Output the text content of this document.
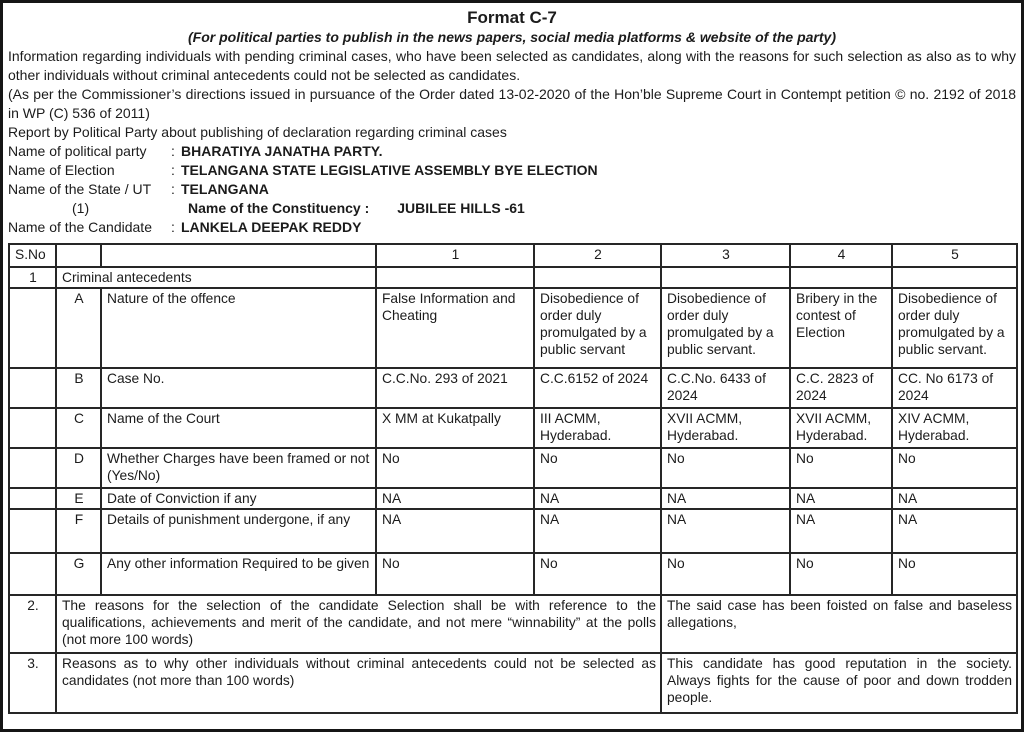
Format C-7
(For political parties to publish in the news papers, social media platforms & website of the party)

Information regarding individuals with pending criminal cases, who have been selected as candidates, along with the reasons for such selection as also as to why other individuals without criminal antecedents could not be selected as candidates.

(As per the Commissioner’s directions issued in pursuance of the Order dated 13-02-2020 of the Hon’ble Supreme Court in Contempt petition © no. 2192 of 2018 in WP (C) 536 of 2011)

Report by Political Party about publishing of declaration regarding criminal cases

Name of political party : BHARATIYA JANATHA PARTY.
Name of Election	: TELANGANA STATE LEGISLATIVE ASSEMBLY BYE ELECTION
Name of the State / UT : TELANGANA
(1)	Name of the Constituency : JUBILEE HILLS -61
Name of the Candidate : LANKELA DEEPAK REDDY
S.No			1	2	3	4	5
1	Criminal antecedents						
	A	Nature of the offence	False Information and Cheating	Disobedience of order duly promulgated by a public servant	Disobedience of order duly promulgated by a public servant.	Bribery in the contest of Election	Disobedience of order duly promulgated by a public servant.
	B	Case No.	C.C.No. 293 of 2021	C.C.6152 of 2024	C.C.No. 6433 of 2024	C.C. 2823 of 2024	CC. No 6173 of 2024
	C	Name of the Court	X MM at Kukatpally	III ACMM, Hyderabad.	XVII ACMM, Hyderabad.	XVII ACMM, Hyderabad.	XIV ACMM, Hyderabad.
	D	Whether Charges have been framed or not (Yes/No)	No	No	No	No	No
	E	Date of Conviction if any	NA	NA	NA	NA	NA
	F	Details of punishment undergone, if any	NA	NA	NA	NA	NA
	G	Any other information Required to be given	No	No	No	No	No
2.	The reasons for the selection of the candidate Selection shall be with reference to the qualifications, achievements and merit of the candidate, and not mere “winnability” at the polls (not more 100 words)				The said case has been foisted on false and baseless allegations,		
3.	Reasons as to why other individuals without criminal antecedents could not be selected as candidates (not more than 100 words)				This candidate has good reputation in the society. Always fights for the cause of poor and down trodden people.		
